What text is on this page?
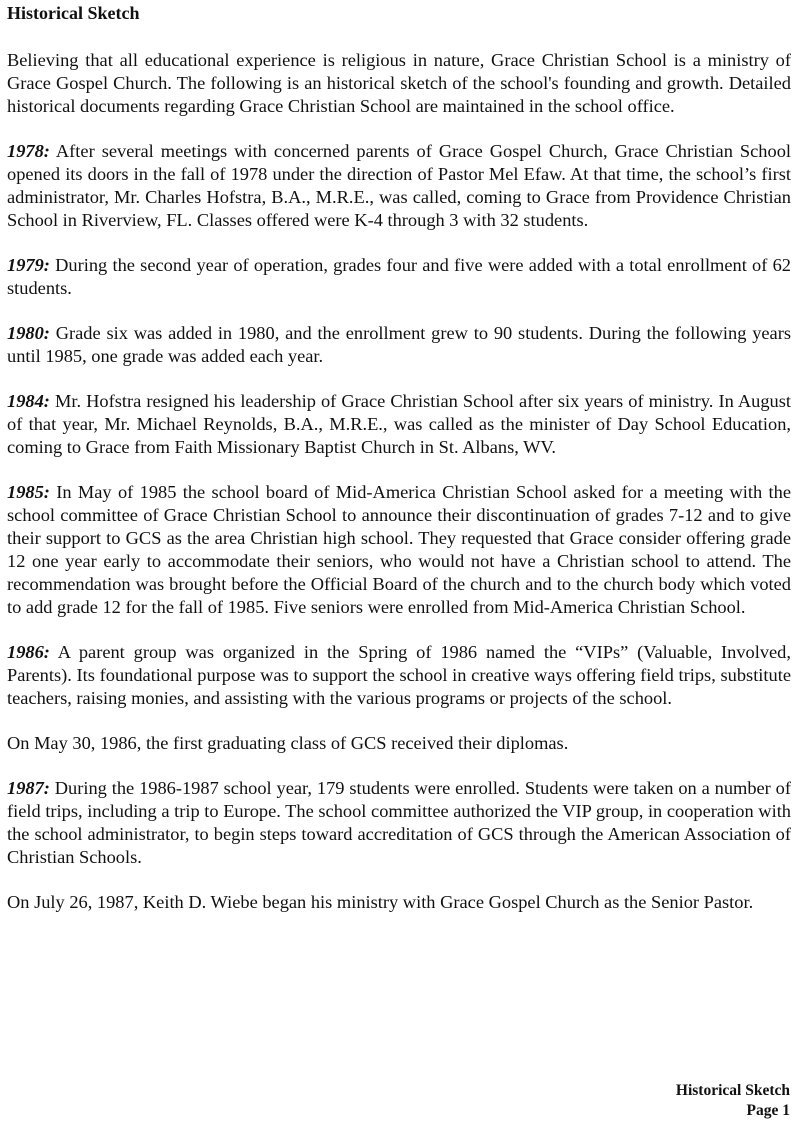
Historical Sketch

Believing that all educational experience is religious in nature, Grace Christian School is a ministry of Grace Gospel Church. The following is an historical sketch of the school's founding and growth. Detailed historical documents regarding Grace Christian School are maintained in the school office.

1978: After several meetings with concerned parents of Grace Gospel Church, Grace Christian School opened its doors in the fall of 1978 under the direction of Pastor Mel Efaw. At that time, the school’s first administrator, Mr. Charles Hofstra, B.A., M.R.E., was called, coming to Grace from Providence Christian School in Riverview, FL. Classes offered were K-4 through 3 with 32 students.

1979: During the second year of operation, grades four and five were added with a total enrollment of 62 students.

1980: Grade six was added in 1980, and the enrollment grew to 90 students. During the following years until 1985, one grade was added each year.

1984: Mr. Hofstra resigned his leadership of Grace Christian School after six years of ministry. In August of that year, Mr. Michael Reynolds, B.A., M.R.E., was called as the minister of Day School Education, coming to Grace from Faith Missionary Baptist Church in St. Albans, WV.

1985: In May of 1985 the school board of Mid-America Christian School asked for a meeting with the school committee of Grace Christian School to announce their discontinuation of grades 7-12 and to give their support to GCS as the area Christian high school. They requested that Grace consider offering grade 12 one year early to accommodate their seniors, who would not have a Christian school to attend. The recommendation was brought before the Official Board of the church and to the church body which voted to add grade 12 for the fall of 1985. Five seniors were enrolled from Mid-America Christian School.

1986: A parent group was organized in the Spring of 1986 named the “VIPs” (Valuable, Involved, Parents). Its foundational purpose was to support the school in creative ways offering field trips, substitute teachers, raising monies, and assisting with the various programs or projects of the school.

On May 30, 1986, the first graduating class of GCS received their diplomas.

1987: During the 1986-1987 school year, 179 students were enrolled. Students were taken on a number of field trips, including a trip to Europe. The school committee authorized the VIP group, in cooperation with the school administrator, to begin steps toward accreditation of GCS through the American Association of Christian Schools.

On July 26, 1987, Keith D. Wiebe began his ministry with Grace Gospel Church as the Senior Pastor.

Historical Sketch
Page 1
